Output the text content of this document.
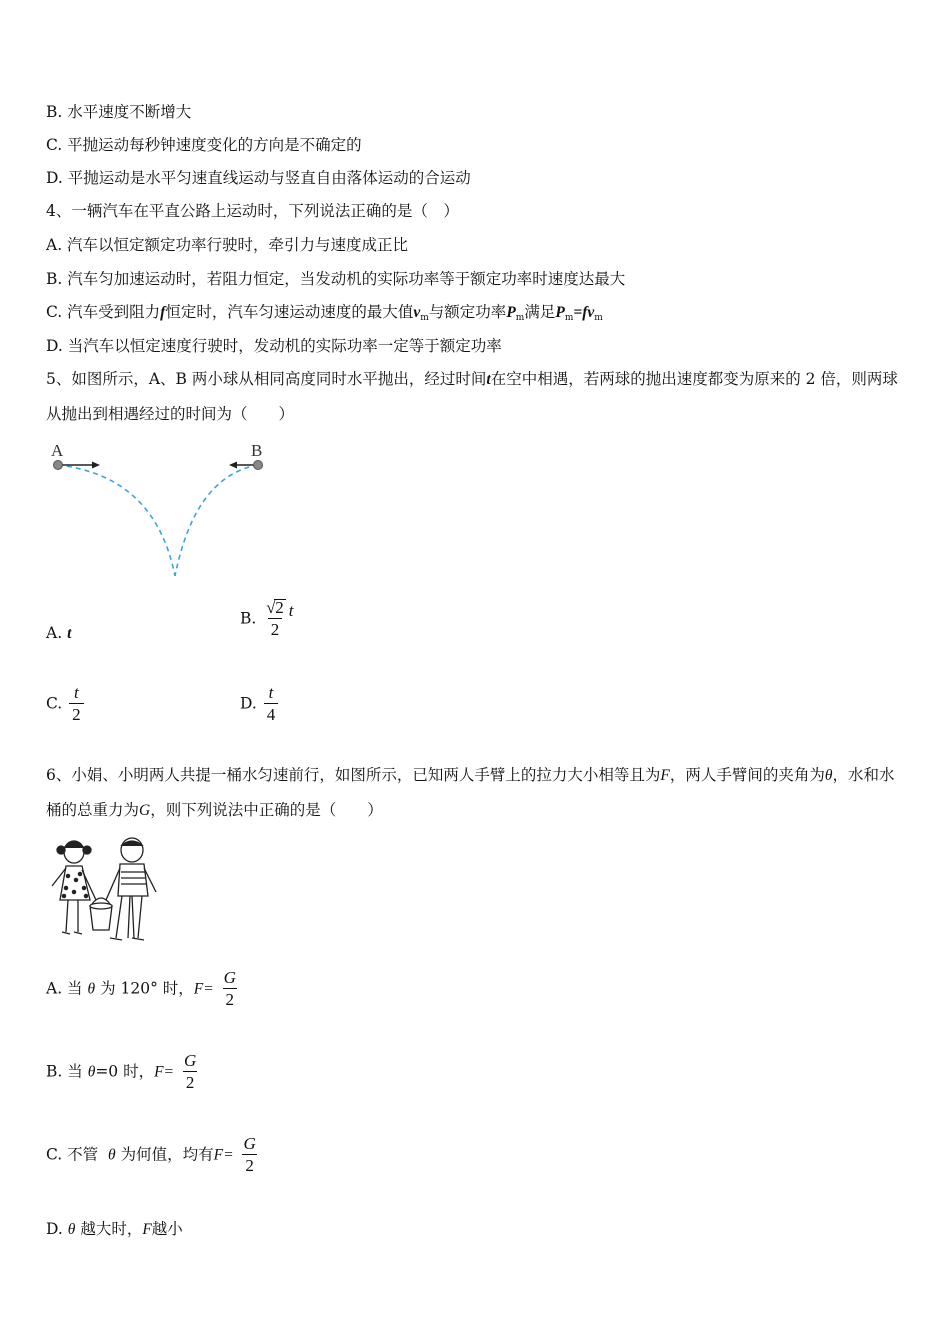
B. 水平速度不断增大
C. 平抛运动每秒钟速度变化的方向是不确定的
D. 平抛运动是水平匀速直线运动与竖直自由落体运动的合运动
4、一辆汽车在平直公路上运动时，下列说法正确的是（　）
A. 汽车以恒定额定功率行驶时，牵引力与速度成正比
B. 汽车匀加速运动时，若阻力恒定，当发动机的实际功率等于额定功率时速度达最大
C. 汽车受到阻力f恒定时，汽车匀速运动速度的最大值$v_m$与额定功率$P_m$满足$P_m=fv_m$
D. 当汽车以恒定速度行驶时，发动机的实际功率一定等于额定功率
5、如图所示，A、B 两小球从相同高度同时水平抛出，经过时间t在空中相遇，若两球的抛出速度都变为原来的 2 倍，则两球从抛出到相遇经过的时间为（　　）
A	B
A. t
B. $\frac{√ 2}{2}$ t
C. $\frac{t}{2}$	D. $\frac{t}{4}$
6、小娟、小明两人共提一桶水匀速前行，如图所示，已知两人手臂上的拉力大小相等且为F，两人手臂间的夹角为θ，水和水桶的总重力为G，则下列说法中正确的是（　　）
A. 当 θ 为 120° 时，$F= \frac{G}{2}$
B. 当 θ=0 时，$F= \frac{G}{2}$
C. 不管 θ 为何值，均有$F= \frac{G}{2}$
D. θ 越大时，F越小
